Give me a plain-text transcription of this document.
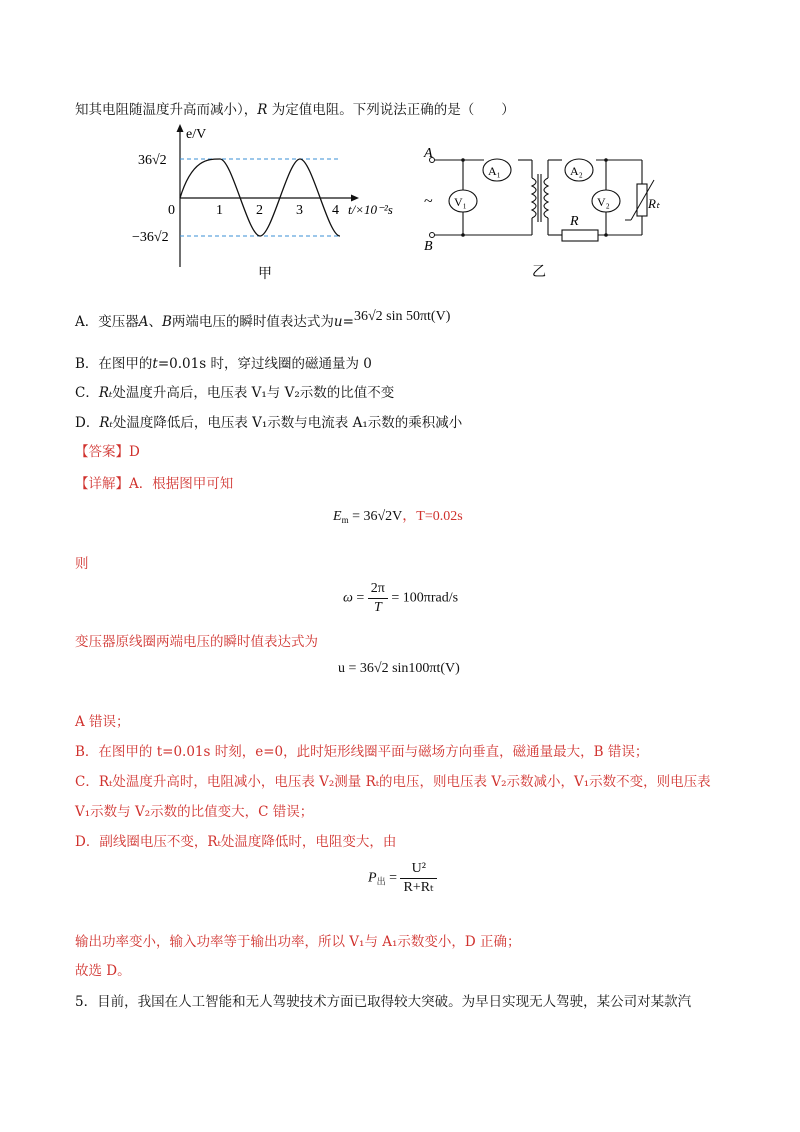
知其电阻随温度升高而减小），R 为定值电阻。下列说法正确的是（　　）
e/V
36√2
−36√2
0	1 2 3 4 t/×10⁻²s
甲
A₁
V₁
A₂
V₂
R
Rₜ
A
B
~
乙
A．变压器A、B两端电压的瞬时值表达式为u=36√2 sin 50πt(V)
B．在图甲的t=0.01s 时，穿过线圈的磁通量为 0
C．Rₜ处温度升高后，电压表 V₁与 V₂示数的比值不变
D．Rₜ处温度降低后，电压表 V₁示数与电流表 A₁示数的乘积减小
【答案】D
【详解】A．根据图甲可知
$E_m = 36√2V$，T=0.02s
则
$\omega = \frac{2\pi}{T} = 100\pi rad/s$
变压器原线圈两端电压的瞬时值表达式为
u = 36√2 sin100πt(V)
A 错误；
B．在图甲的 t=0.01s 时刻，e=0，此时矩形线圈平面与磁场方向垂直，磁通量最大，B 错误；
C．Rₜ处温度升高时，电阻减小，电压表 V₂测量 Rₜ的电压，则电压表 V₂示数减小，V₁示数不变，则电压表
V₁示数与 V₂示数的比值变大，C 错误；
D．副线圈电压不变，Rₜ处温度降低时，电阻变大，由
$P_出 = \frac{\text{U²}}{\text{R+Rₜ}}$
输出功率变小，输入功率等于输出功率，所以 V₁与 A₁示数变小，D 正确；
故选 D。
5．目前，我国在人工智能和无人驾驶技术方面已取得较大突破。为早日实现无人驾驶，某公司对某款汽
